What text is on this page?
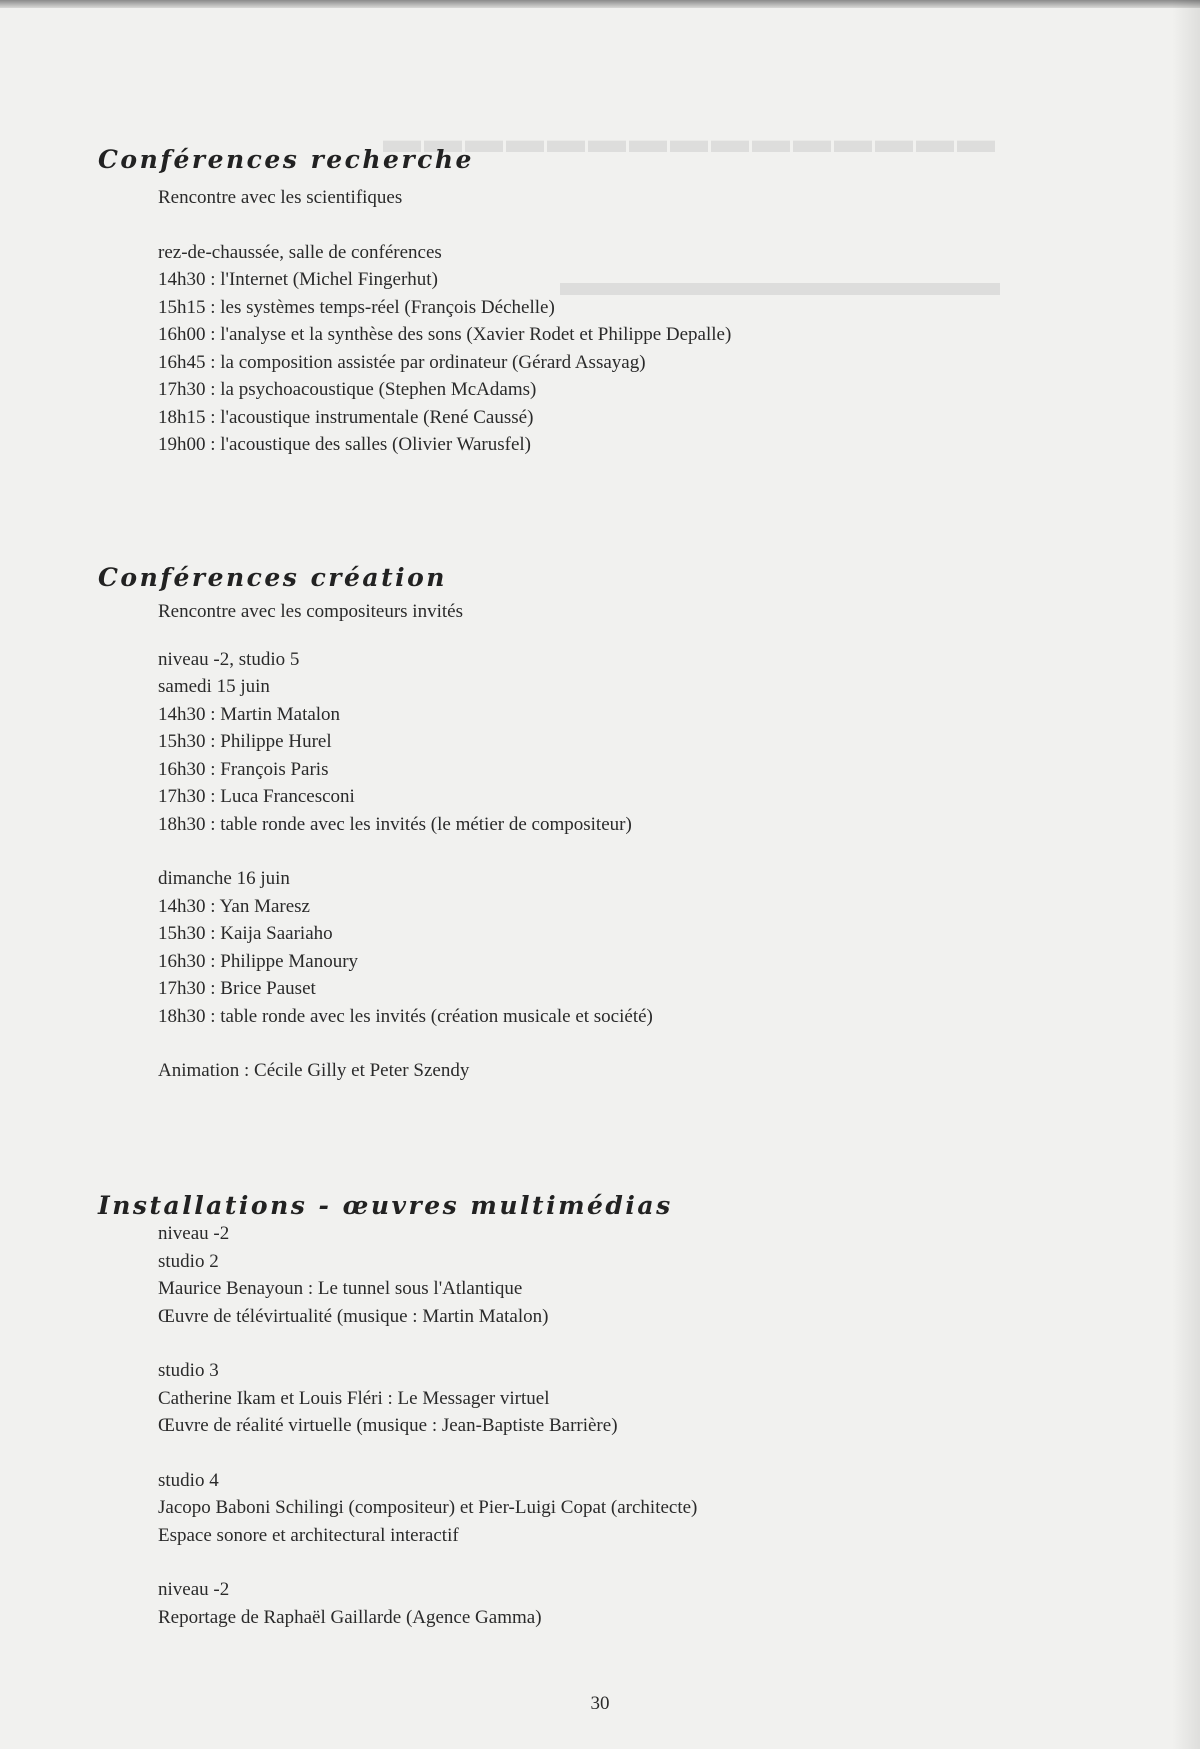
▬▬▬▬▬▬▬▬▬▬▬▬▬▬▬
▬▬▬▬▬▬▬▬▬▬▬
Conférences recherche
Rencontre avec les scientifiques
rez-de-chaussée, salle de conférences
14h30 : l'Internet (Michel Fingerhut)
15h15 : les systèmes temps-réel (François Déchelle)
16h00 : l'analyse et la synthèse des sons (Xavier Rodet et Philippe Depalle)
16h45 : la composition assistée par ordinateur (Gérard Assayag)
17h30 : la psychoacoustique (Stephen McAdams)
18h15 : l'acoustique instrumentale (René Caussé)
19h00 : l'acoustique des salles (Olivier Warusfel)
Conférences création
Rencontre avec les compositeurs invités
niveau -2, studio 5
samedi 15 juin
14h30 : Martin Matalon
15h30 : Philippe Hurel
16h30 : François Paris
17h30 : Luca Francesconi
18h30 : table ronde avec les invités (le métier de compositeur)
dimanche 16 juin
14h30 : Yan Maresz
15h30 : Kaija Saariaho
16h30 : Philippe Manoury
17h30 : Brice Pauset
18h30 : table ronde avec les invités (création musicale et société)
Animation : Cécile Gilly et Peter Szendy
Installations - œuvres multimédias
niveau -2
studio 2
Maurice Benayoun : Le tunnel sous l'Atlantique
Œuvre de télévirtualité (musique : Martin Matalon)
studio 3
Catherine Ikam et Louis Fléri : Le Messager virtuel
Œuvre de réalité virtuelle (musique : Jean-Baptiste Barrière)
studio 4
Jacopo Baboni Schilingi (compositeur) et Pier-Luigi Copat (architecte)
Espace sonore et architectural interactif
niveau -2
Reportage de Raphaël Gaillarde (Agence Gamma)
30
